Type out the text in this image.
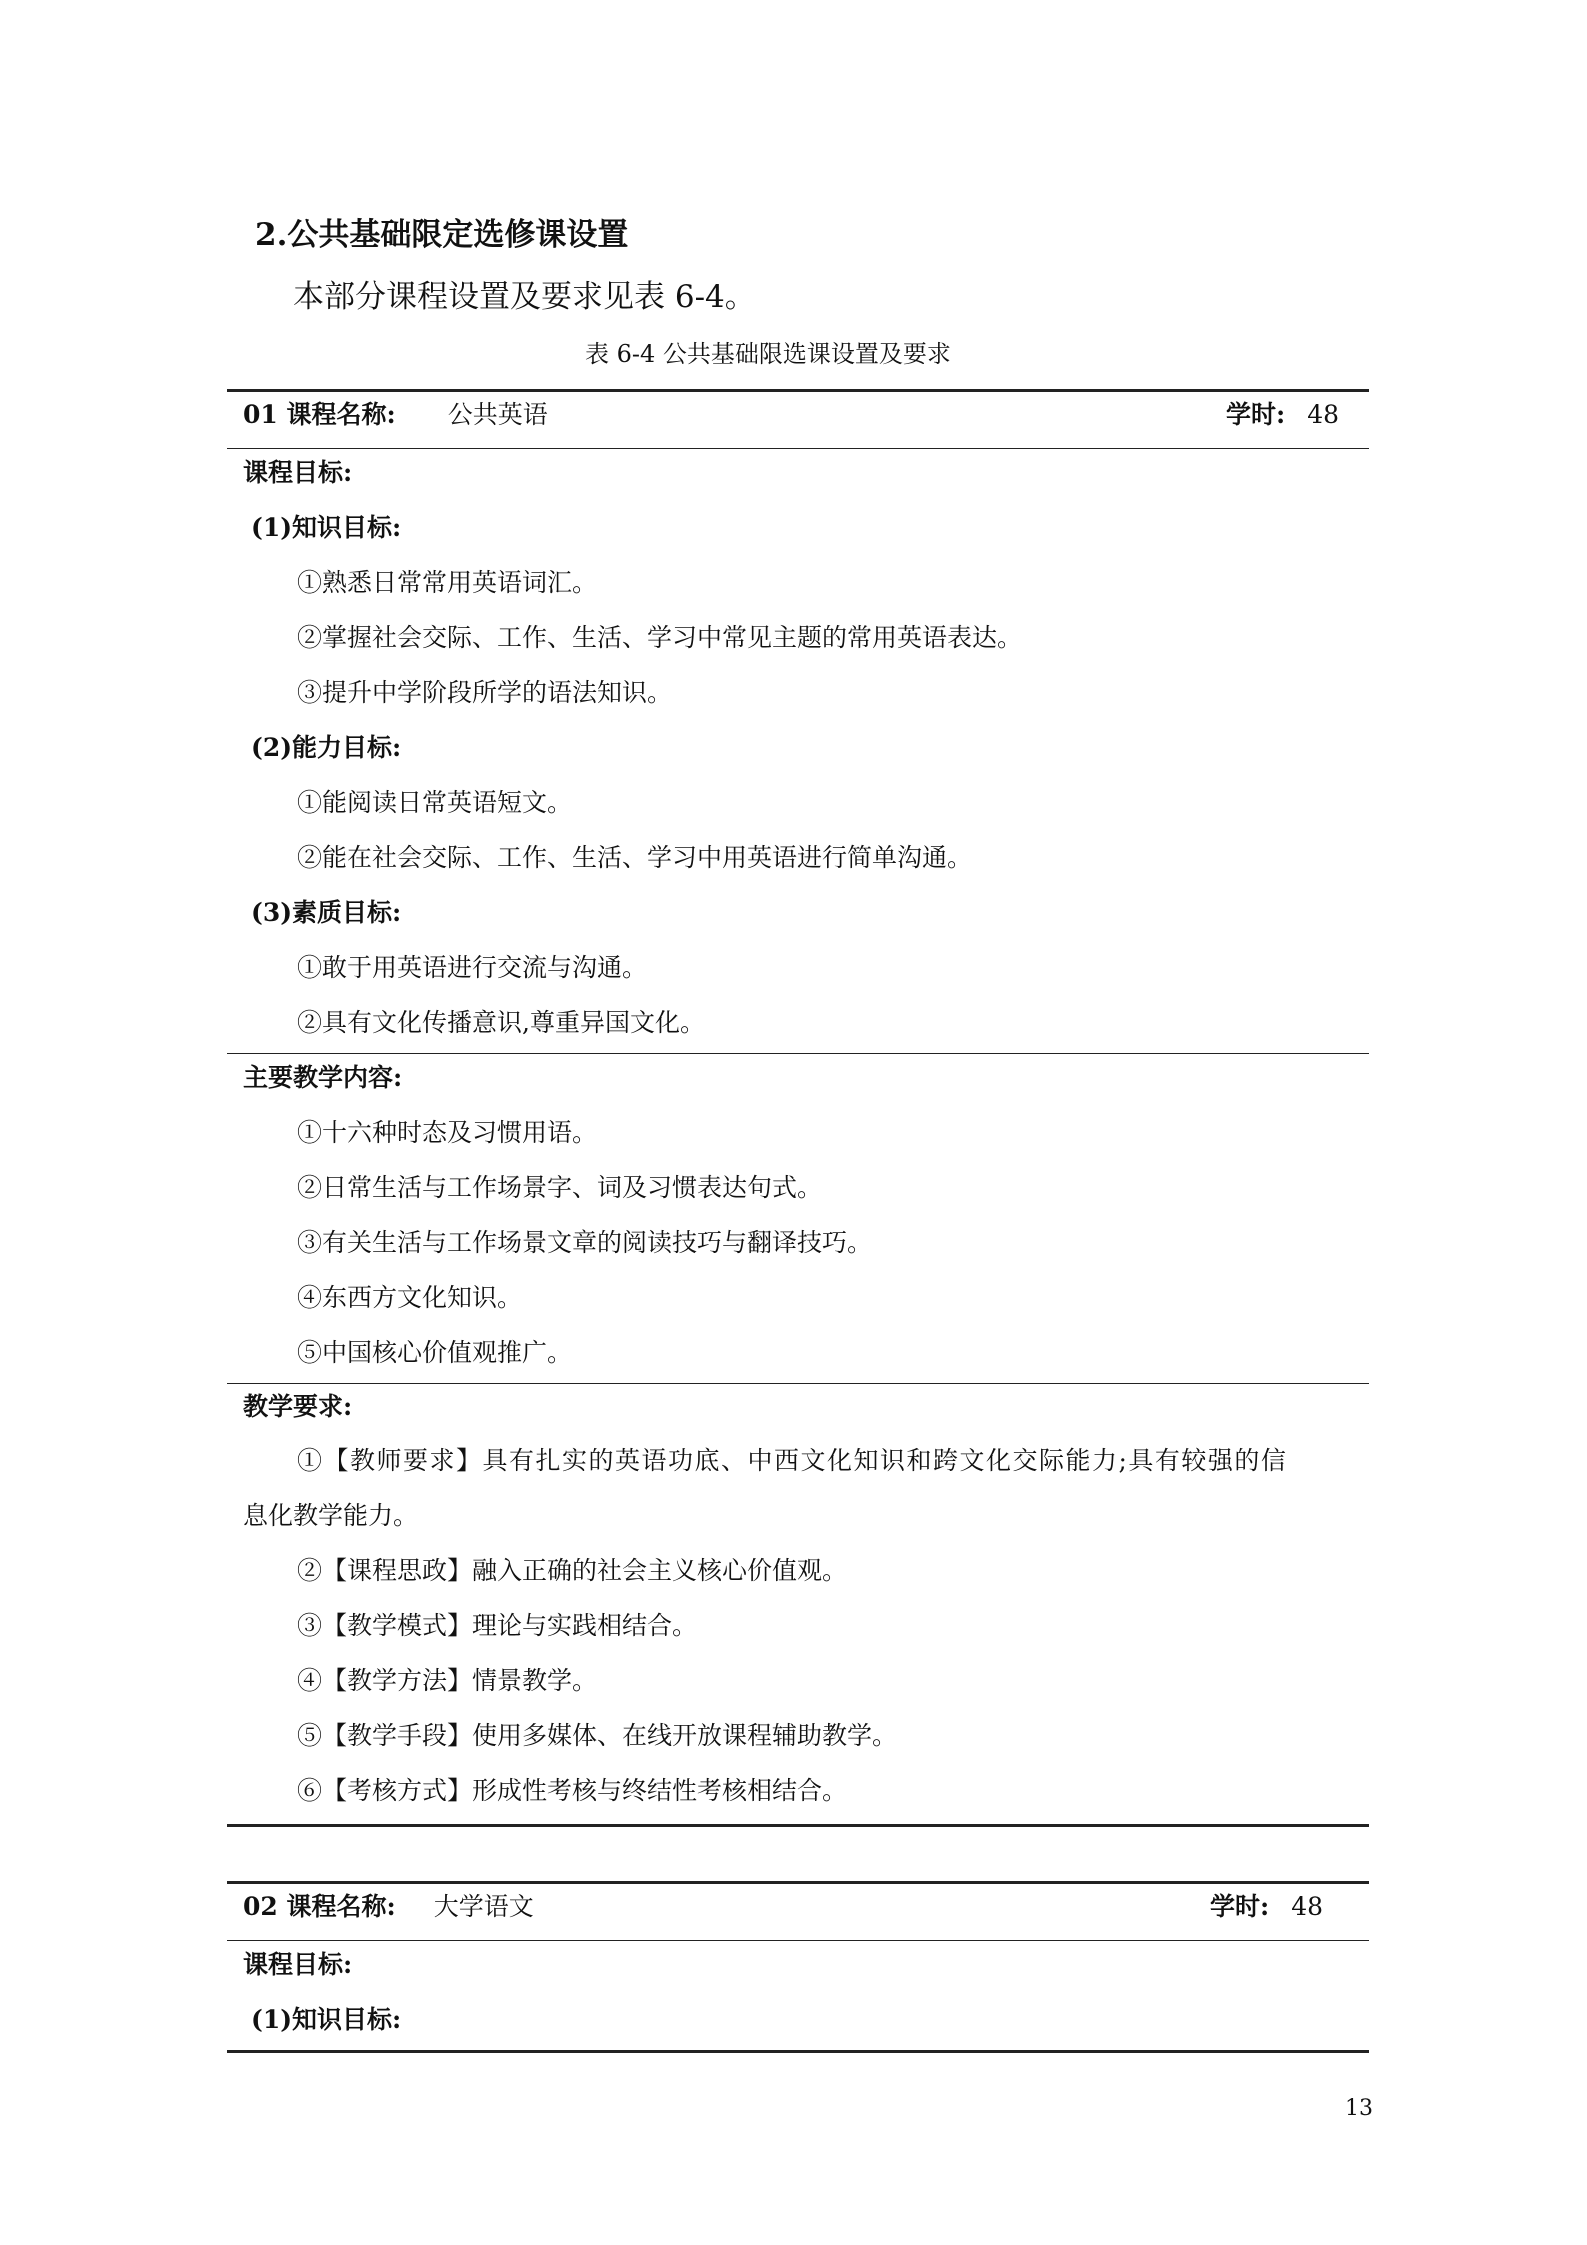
2.公共基础限定选修课设置
本部分课程设置及要求见表 6-4。
表 6-4 公共基础限选课设置及要求
01 课程名称: 公共英语	学时: 48
课程目标:
(1)知识目标:
①熟悉日常常用英语词汇。
②掌握社会交际、工作、生活、学习中常见主题的常用英语表达。
③提升中学阶段所学的语法知识。
(2)能力目标:
①能阅读日常英语短文。
②能在社会交际、工作、生活、学习中用英语进行简单沟通。
(3)素质目标:
①敢于用英语进行交流与沟通。
②具有文化传播意识,尊重异国文化。
主要教学内容:
①十六种时态及习惯用语。
②日常生活与工作场景字、词及习惯表达句式。
③有关生活与工作场景文章的阅读技巧与翻译技巧。
④东西方文化知识。
⑤中国核心价值观推广。
教学要求:
①【教师要求】具有扎实的英语功底、中西文化知识和跨文化交际能力;具有较强的信
息化教学能力。
②【课程思政】融入正确的社会主义核心价值观。
③【教学模式】理论与实践相结合。
④【教学方法】情景教学。
⑤【教学手段】使用多媒体、在线开放课程辅助教学。
⑥【考核方式】形成性考核与终结性考核相结合。
02 课程名称: 大学语文	学时: 48
课程目标:
(1)知识目标:
13
